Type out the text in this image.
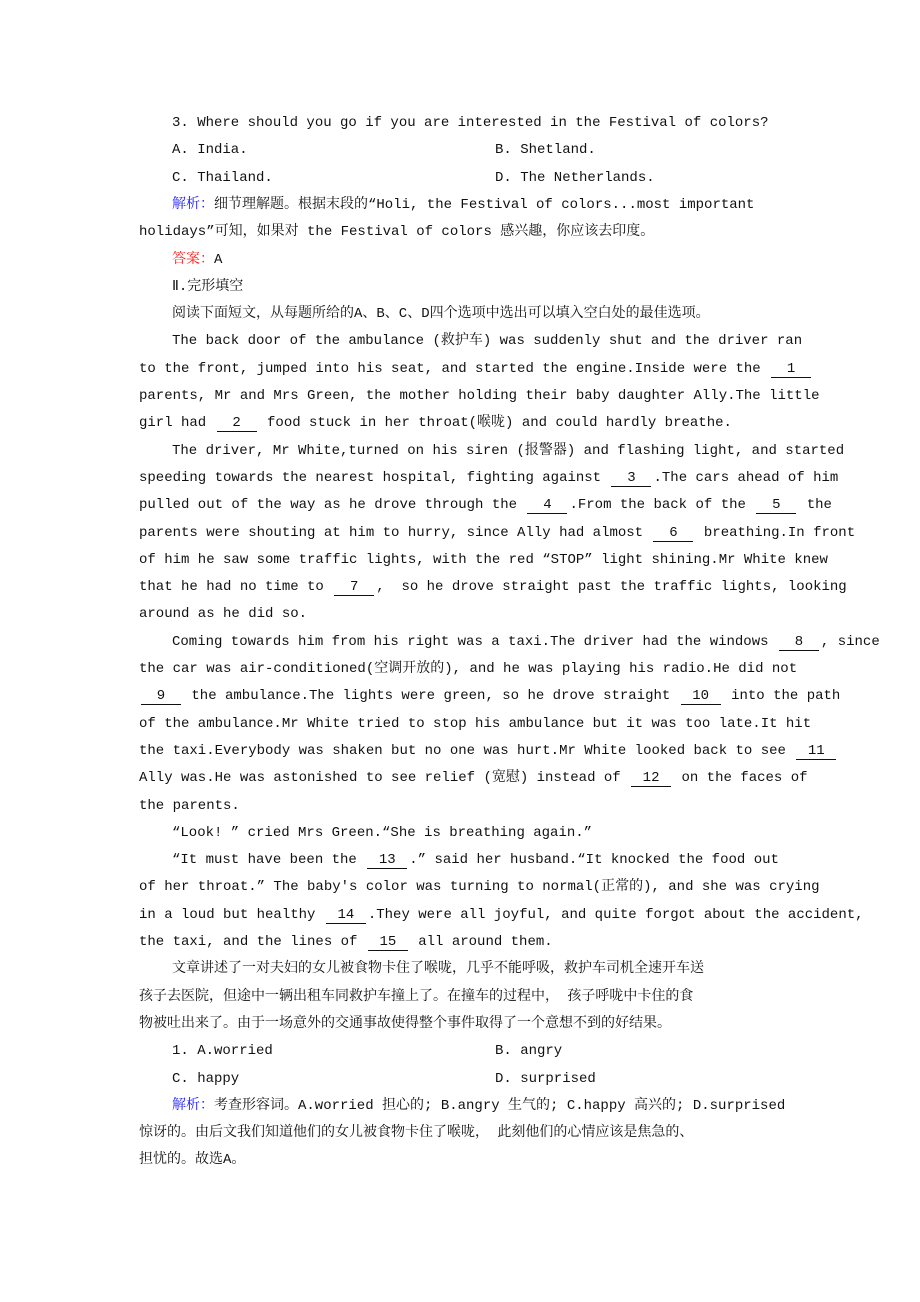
3. Where should you go if you are interested in the Festival of colors?
A. India.	B. Shetland.
C. Thailand.	D. The Netherlands.
解析：细节理解题。根据末段的“Holi, the Festival of colors...most important
holidays”可知，如果对 the Festival of colors 感兴趣，你应该去印度。
答案：A
Ⅱ.完形填空
阅读下面短文，从每题所给的A、B、C、D四个选项中选出可以填入空白处的最佳选项。
The back door of the ambulance (救护车) was suddenly shut and the driver ran
to the front, jumped into his seat, and started the engine.Inside were the 1
parents, Mr and Mrs Green, the mother holding their baby daughter Ally.The little
girl had 2 food stuck in her throat(喉咙) and could hardly breathe.
The driver, Mr White,turned on his siren (报警器) and flashing light, and started
speeding towards the nearest hospital, fighting against 3 .The cars ahead of him
pulled out of the way as he drove through the 4 .From the back of the 5 the
parents were shouting at him to hurry, since Ally had almost 6 breathing.In front
of him he saw some traffic lights, with the red “STOP” light shining.Mr White knew
that he had no time to 7 ,  so he drove straight past the traffic lights, looking
around as he did so.
Coming towards him from his right was a taxi.The driver had the windows 8 , since
the car was air-conditioned(空调开放的), and he was playing his radio.He did not
9 the ambulance.The lights were green, so he drove straight 10 into the path
of the ambulance.Mr White tried to stop his ambulance but it was too late.It hit
the taxi.Everybody was shaken but no one was hurt.Mr White looked back to see 11
Ally was.He was astonished to see relief (宽慰) instead of 12 on the faces of
the parents.
“Look! ” cried Mrs Green.“She is breathing again.”
“It must have been the 13 .” said her husband.“It knocked the food out
of her throat.” The baby's color was turning to normal(正常的), and she was crying
in a loud but healthy 14 .They were all joyful, and quite forgot about the accident,
the taxi, and the lines of 15 all around them.
文章讲述了一对夫妇的女儿被食物卡住了喉咙，几乎不能呼吸，救护车司机全速开车送
孩子去医院，但途中一辆出租车同救护车撞上了。在撞车的过程中， 孩子呼咙中卡住的食
物被吐出来了。由于一场意外的交通事故使得整个事件取得了一个意想不到的好结果。
1. A.worried	B. angry
C. happy	D. surprised
解析：考查形容词。A.worried 担心的; B.angry 生气的; C.happy 高兴的; D.surprised
惊讶的。由后文我们知道他们的女儿被食物卡住了喉咙， 此刻他们的心情应该是焦急的、
担忧的。故选A。
